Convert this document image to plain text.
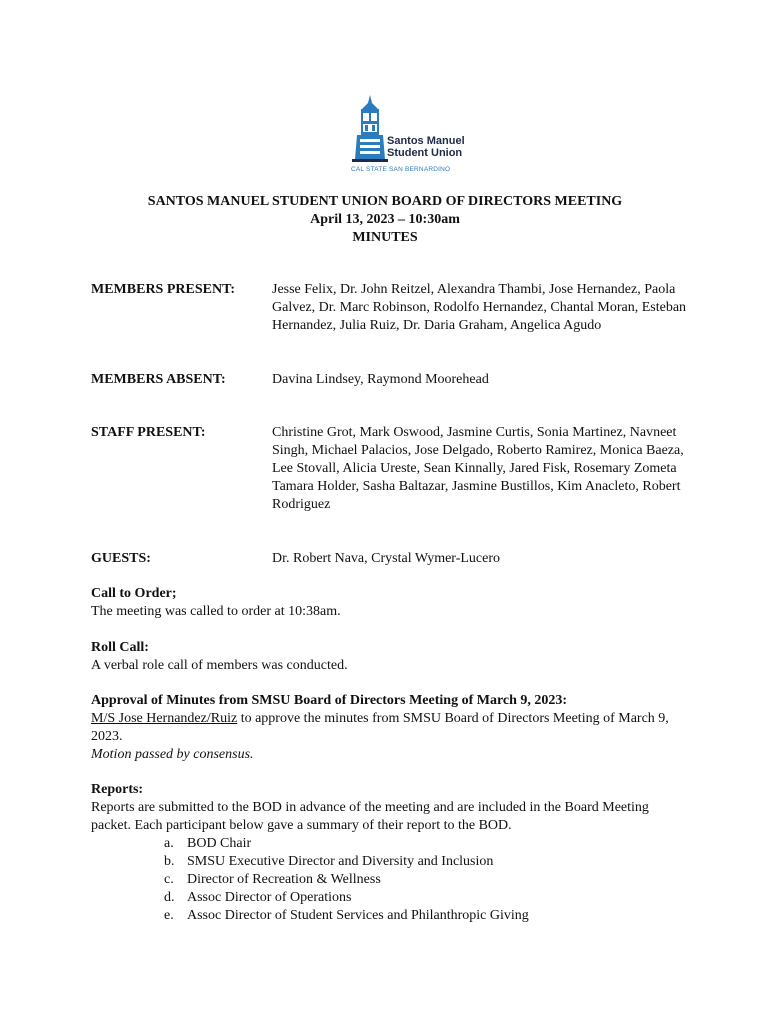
Santos Manuel
Student Union
CAL STATE SAN BERNARDINO
SANTOS MANUEL STUDENT UNION BOARD OF DIRECTORS MEETING
April 13, 2023 – 10:30am
MINUTES
MEMBERS PRESENT:	Jesse Felix, Dr. John Reitzel, Alexandra Thambi, Jose Hernandez, Paola
Galvez, Dr. Marc Robinson, Rodolfo Hernandez, Chantal Moran, Esteban
Hernandez, Julia Ruiz, Dr. Daria Graham, Angelica Agudo
MEMBERS ABSENT:	Davina Lindsey, Raymond Moorehead
STAFF PRESENT:	Christine Grot, Mark Oswood, Jasmine Curtis, Sonia Martinez, Navneet
Singh, Michael Palacios, Jose Delgado, Roberto Ramirez, Monica Baeza,
Lee Stovall, Alicia Ureste, Sean Kinnally, Jared Fisk, Rosemary Zometa
Tamara Holder, Sasha Baltazar, Jasmine Bustillos, Kim Anacleto, Robert
Rodriguez
GUESTS:	Dr. Robert Nava, Crystal Wymer-Lucero
Call to Order;
The meeting was called to order at 10:38am.
Roll Call:
A verbal role call of members was conducted.
Approval of Minutes from SMSU Board of Directors Meeting of March 9, 2023:
M/S Jose Hernandez/Ruiz to approve the minutes from SMSU Board of Directors Meeting of March 9,
2023.
Motion passed by consensus.
Reports:
Reports are submitted to the BOD in advance of the meeting and are included in the Board Meeting
packet. Each participant below gave a summary of their report to the BOD.
a. BOD Chair
b. SMSU Executive Director and Diversity and Inclusion
c. Director of Recreation & Wellness
d. Assoc Director of Operations
e. Assoc Director of Student Services and Philanthropic Giving
